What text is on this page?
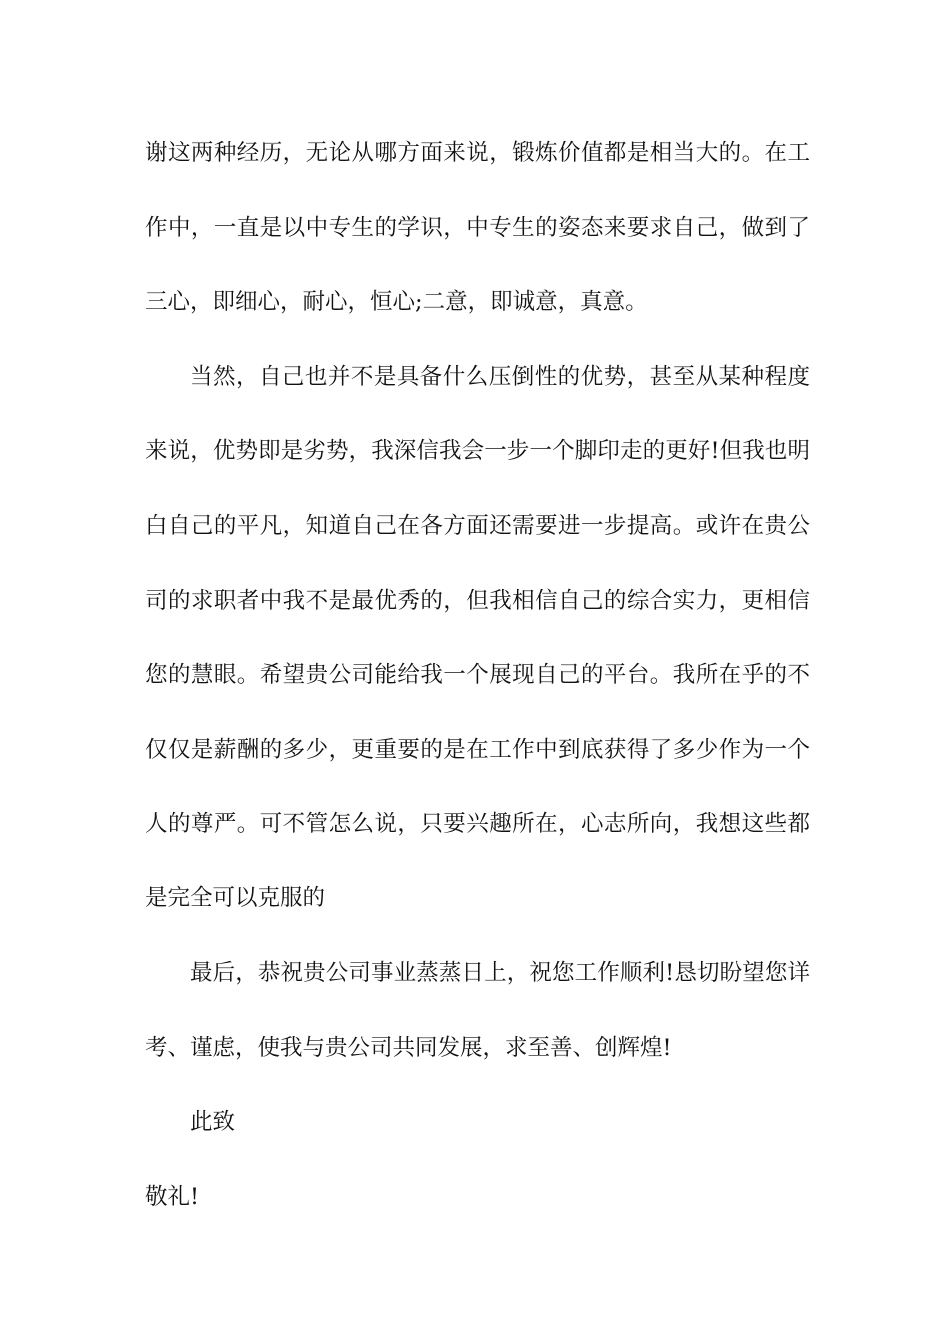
谢这两种经历，无论从哪方面来说，锻炼价值都是相当大的。在工
作中，一直是以中专生的学识，中专生的姿态来要求自己，做到了
三心，即细心，耐心，恒心;二意，即诚意，真意。
当然，自己也并不是具备什么压倒性的优势，甚至从某种程度
来说，优势即是劣势，我深信我会一步一个脚印走的更好!但我也明
白自己的平凡，知道自己在各方面还需要进一步提高。或许在贵公
司的求职者中我不是最优秀的，但我相信自己的综合实力，更相信
您的慧眼。希望贵公司能给我一个展现自己的平台。我所在乎的不
仅仅是薪酬的多少，更重要的是在工作中到底获得了多少作为一个
人的尊严。可不管怎么说，只要兴趣所在，心志所向，我想这些都
是完全可以克服的
最后，恭祝贵公司事业蒸蒸日上，祝您工作顺利!恳切盼望您详
考、谨虑，使我与贵公司共同发展，求至善、创辉煌!
此致
敬礼!
